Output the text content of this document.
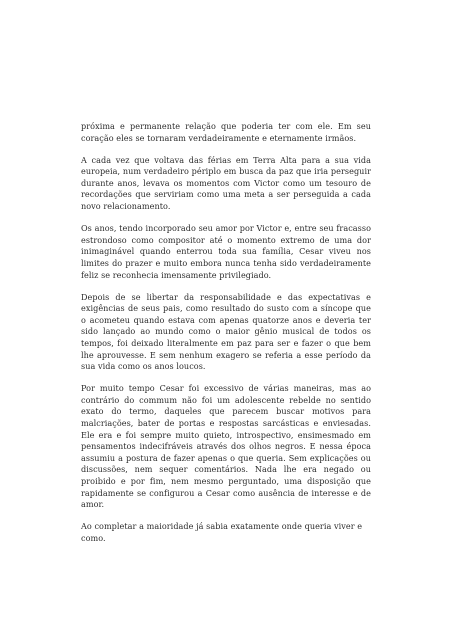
próxima e permanente relação que poderia ter com ele. Em seu coração eles se tornaram verdadeiramente e eternamente irmãos.

A cada vez que voltava das férias em Terra Alta para a sua vida europeia, num verdadeiro périplo em busca da paz que iria perseguir durante anos, levava os momentos com Victor como um tesouro de recordações que serviriam como uma meta a ser perseguida a cada novo relacionamento.

Os anos, tendo incorporado seu amor por Victor e, entre seu fracasso estrondoso como compositor até o momento extremo de uma dor inimaginável quando enterrou toda sua família, Cesar viveu nos limites do prazer e muito embora nunca tenha sido verdadeiramente feliz se reconhecia imensamente privilegiado.

Depois de se libertar da responsabilidade e das expectativas e exigências de seus pais, como resultado do susto com a síncope que o acometeu quando estava com apenas quatorze anos e deveria ter sido lançado ao mundo como o maior gênio musical de todos os tempos, foi deixado literalmente em paz para ser e fazer o que bem lhe aprouvesse. E sem nenhum exagero se referia a esse período da sua vida como os anos loucos.

Por muito tempo Cesar foi excessivo de várias maneiras, mas ao contrário do commum não foi um adolescente rebelde no sentido exato do termo, daqueles que parecem buscar motivos para malcriações, bater de portas e respostas sarcásticas e enviesadas. Ele era e foi sempre muito quieto, introspectivo, ensimesmado em pensamentos indecifráveis através dos olhos negros. E nessa época assumiu a postura de fazer apenas o que queria. Sem explicações ou discussões, nem sequer comentários. Nada lhe era negado ou proibido e por fim, nem mesmo perguntado, uma disposição que rapidamente se configurou a Cesar como ausência de interesse e de amor.

Ao completar a maioridade já sabia exatamente onde queria viver e como.
